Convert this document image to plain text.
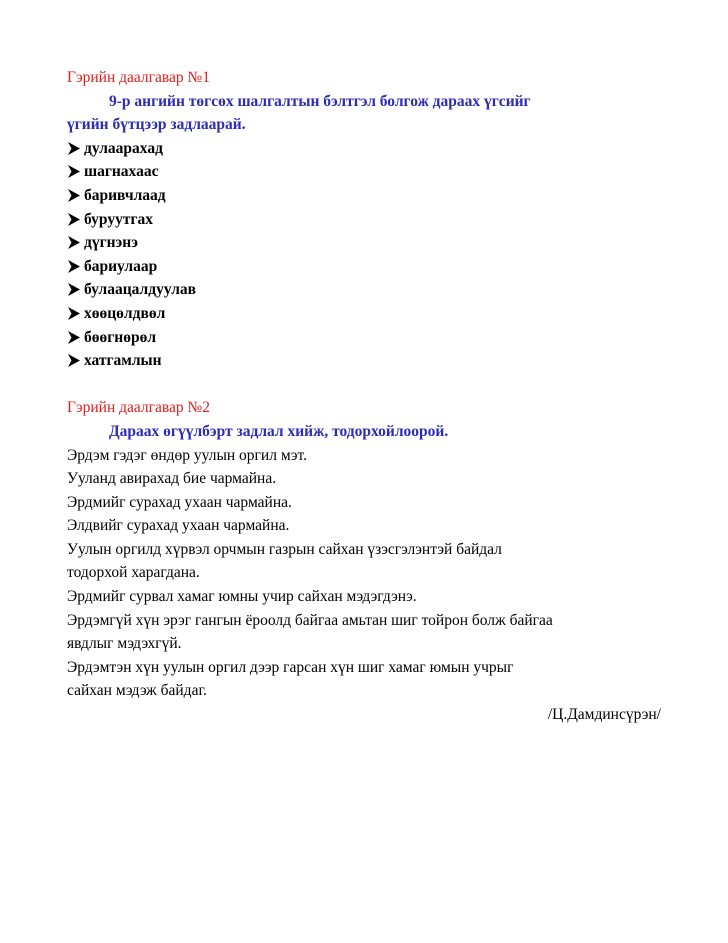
Гэрийн даалгавар №1
9-р ангийн төгсөх шалгалтын бэлтгэл болгож дараах үгсийг
үгийн бүтцээр задлаарай.
дулаарахад
шагнахаас
баривчлаад
буруутгах
дүгнэнэ
бариулаар
булаацалдуулав
хөөцөлдвөл
бөөгнөрөл
хатгамлын
Гэрийн даалгавар №2
Дараах өгүүлбэрт задлал хийж, тодорхойлоорой.
Эрдэм гэдэг өндөр уулын оргил мэт.
Ууланд авирахад бие чармайна.
Эрдмийг сурахад ухаан чармайна.
Элдвийг сурахад ухаан чармайна.
Уулын оргилд хүрвэл орчмын газрын сайхан үзэсгэлэнтэй байдал
тодорхой харагдана.
Эрдмийг сурвал хамаг юмны учир сайхан мэдэгдэнэ.
Эрдэмгүй хүн эрэг гангын ёроолд байгаа амьтан шиг тойрон болж байгаа
явдлыг мэдэхгүй.
Эрдэмтэн хүн уулын оргил дээр гарсан хүн шиг хамаг юмын учрыг
сайхан мэдэж байдаг.
/Ц.Дамдинсүрэн/
